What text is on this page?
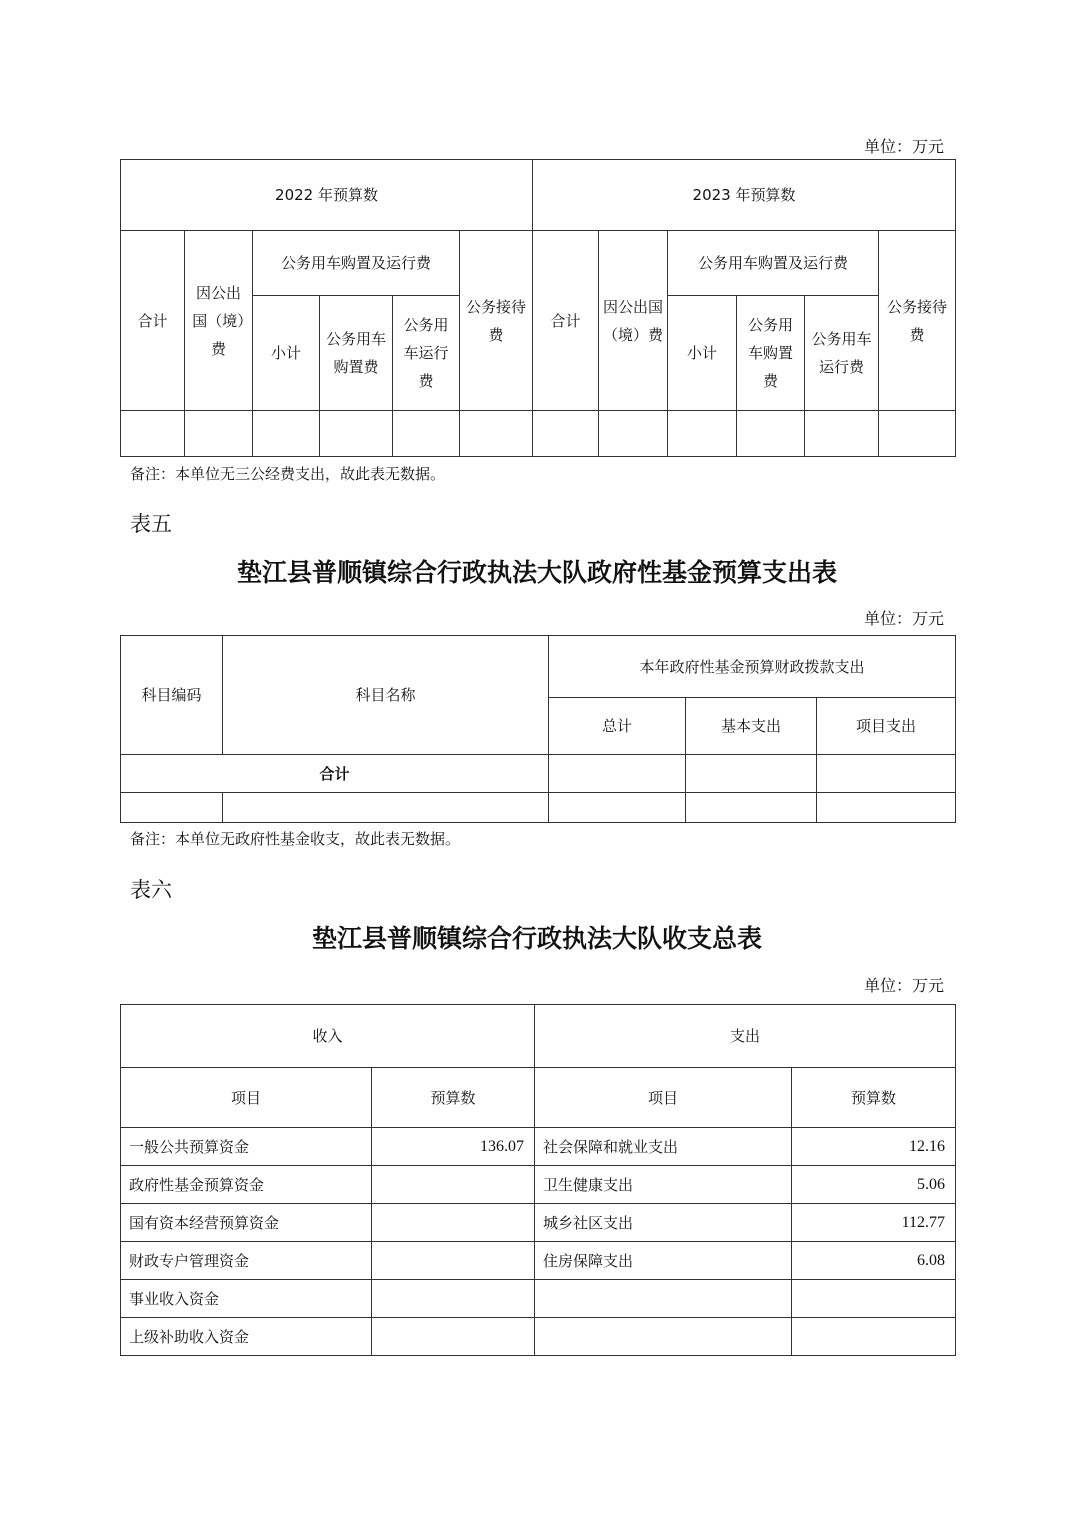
单位：万元
2022 年预算数						2023 年预算数					
合计	因公出国（境）费	公务用车购置及运行费			公务接待费	合计	因公出国（境）费	公务用车购置及运行费			公务接待费
		小计	公务用车购置费	公务用车运行费				小计	公务用车购置费	公务用车运行费	

备注：本单位无三公经费支出，故此表无数据。
表五
垫江县普顺镇综合行政执法大队政府性基金预算支出表
单位：万元
科目编码	科目名称	本年政府性基金预算财政拨款支出		
		总计	基本支出	项目支出
合计				

备注：本单位无政府性基金收支，故此表无数据。
表六
垫江县普顺镇综合行政执法大队收支总表
单位：万元
收入		支出	
项目	预算数	项目	预算数
一般公共预算资金	136.07	社会保障和就业支出	12.16
政府性基金预算资金		卫生健康支出	5.06
国有资本经营预算资金		城乡社区支出	112.77
财政专户管理资金		住房保障支出	6.08
事业收入资金			
上级补助收入资金			
